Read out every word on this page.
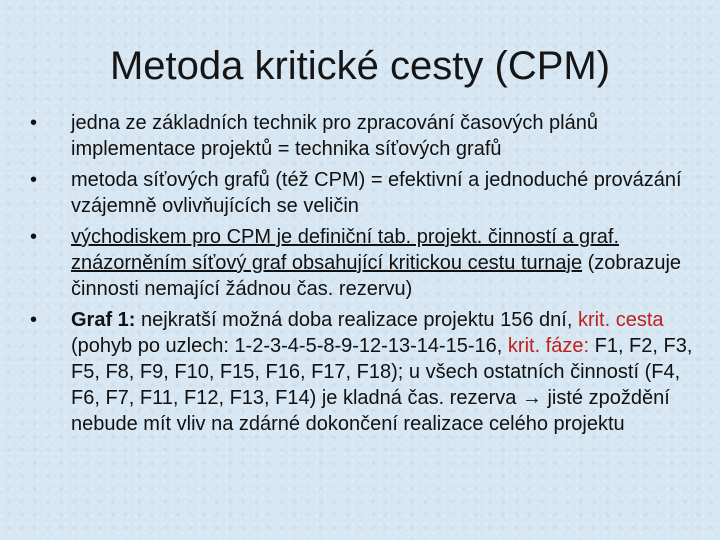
Metoda kritické cesty (CPM)
•	jedna ze základních technik pro zpracování časových plánů implementace projektů = technika síťových grafů
•	metoda síťových grafů (též CPM) = efektivní a jednoduché provázání vzájemně ovlivňujících se veličin
•	východiskem pro CPM je definiční tab. projekt. činností a graf. znázorněním síťový graf obsahující kritickou cestu turnaje (zobrazuje činnosti nemající žádnou čas. rezervu)
•	Graf 1: nejkratší možná doba realizace projektu 156 dní, krit. cesta (pohyb po uzlech: 1-2-3-4-5-8-9-12-13-14-15-16, krit. fáze: F1, F2, F3, F5, F8, F9, F10, F15, F16, F17, F18); u všech ostatních činností (F4, F6, F7, F11, F12, F13, F14) je kladná čas. rezerva → jisté zpoždění nebude mít vliv na zdárné dokončení realizace celého projektu
